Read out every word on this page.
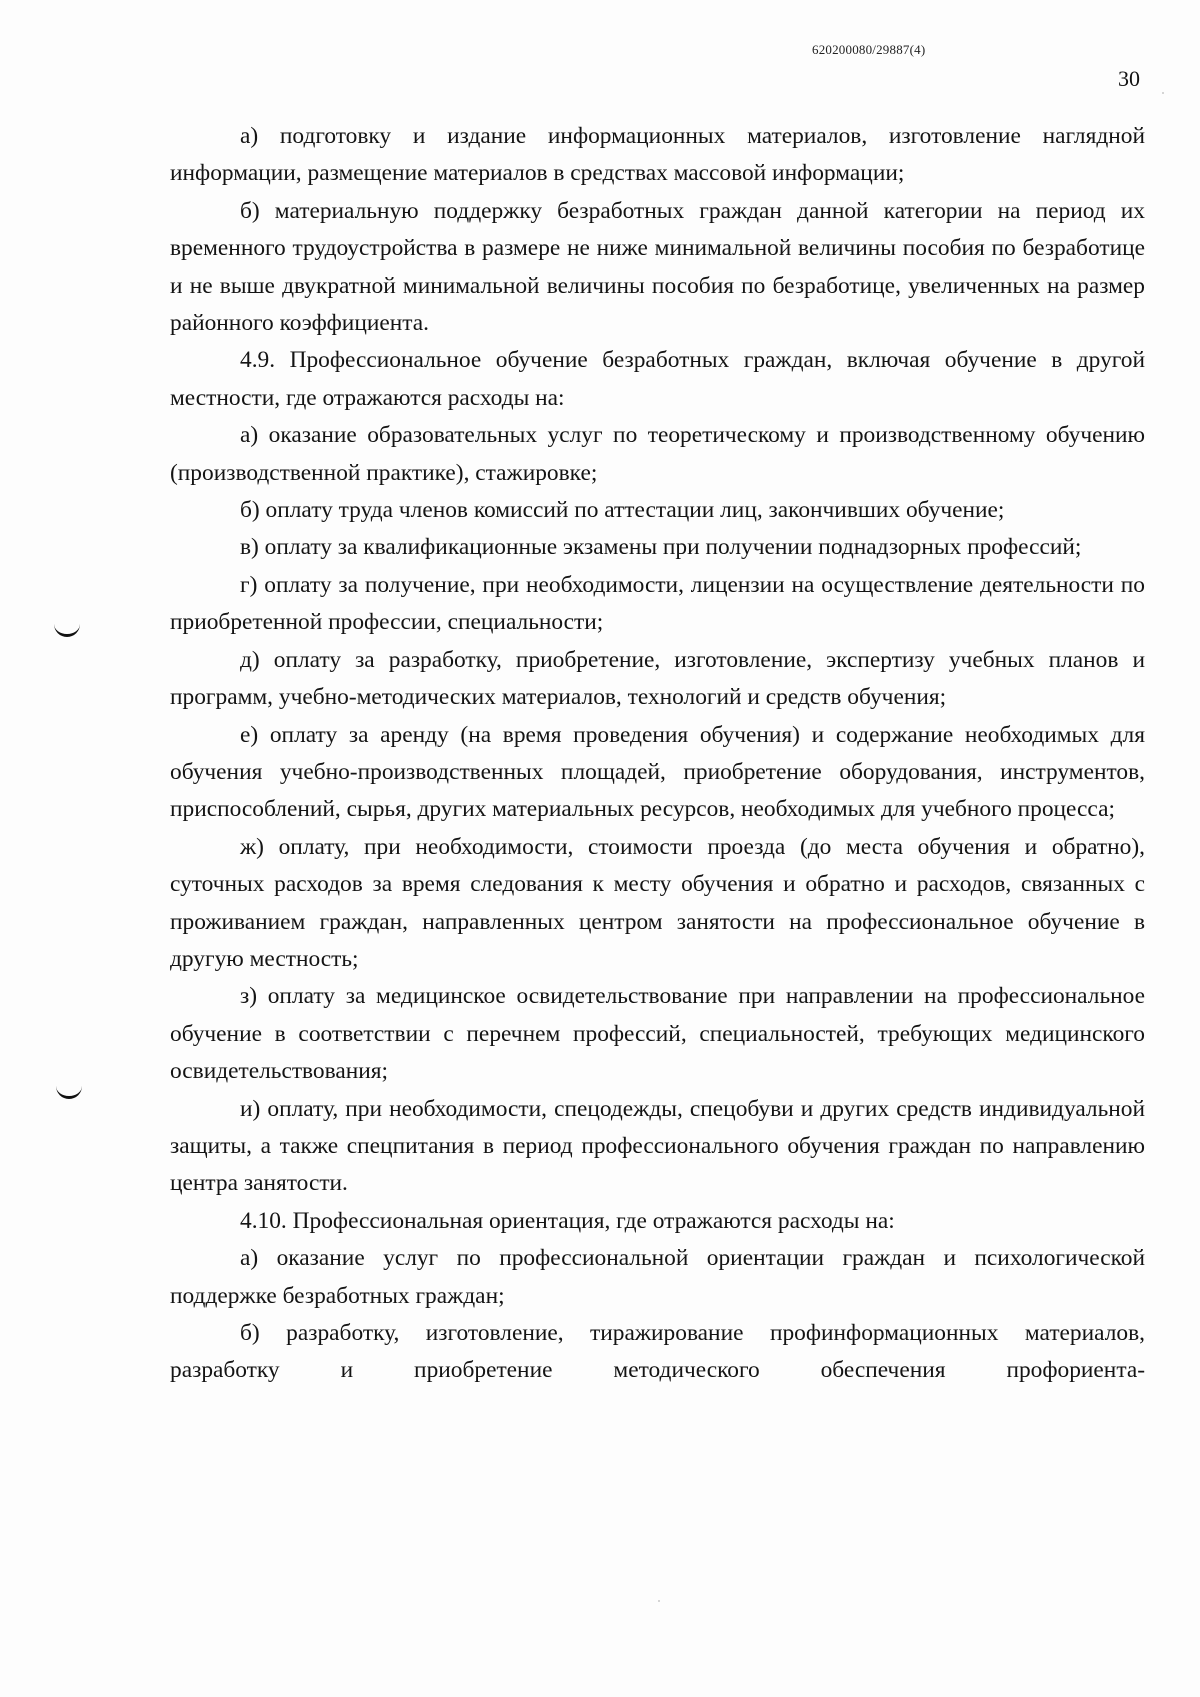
620200080/29887(4)
30

а) подготовку и издание информационных материалов, изготовление наглядной информации, размещение материалов в средствах массовой информации;

б) материальную поддержку безработных граждан данной категории на период их временного трудоустройства в размере не ниже минимальной величины пособия по безработице и не выше двукратной минимальной величины пособия по безработице, увеличенных на размер районного коэффициента.

4.9. Профессиональное обучение безработных граждан, включая обучение в другой местности, где отражаются расходы на:

а) оказание образовательных услуг по теоретическому и производственному обучению (производственной практике), стажировке;

б) оплату труда членов комиссий по аттестации лиц, закончивших обучение;

в) оплату за квалификационные экзамены при получении поднадзорных профессий;

г) оплату за получение, при необходимости, лицензии на осуществление деятельности по приобретенной профессии, специальности;

д) оплату за разработку, приобретение, изготовление, экспертизу учебных планов и программ, учебно-методических материалов, технологий и средств обучения;

е) оплату за аренду (на время проведения обучения) и содержание необходимых для обучения учебно-производственных площадей, приобретение оборудования, инструментов, приспособлений, сырья, других материальных ресурсов, необходимых для учебного процесса;

ж) оплату, при необходимости, стоимости проезда (до места обучения и обратно), суточных расходов за время следования к месту обучения и обратно и расходов, связанных с проживанием граждан, направленных центром занятости на профессиональное обучение в другую местность;

з) оплату за медицинское освидетельствование при направлении на профессиональное обучение в соответствии с перечнем профессий, специальностей, требующих медицинского освидетельствования;

и) оплату, при необходимости, спецодежды, спецобуви и других средств индивидуальной защиты, а также спецпитания в период профессионального обучения граждан по направлению центра занятости.

4.10. Профессиональная ориентация, где отражаются расходы на:

а) оказание услуг по профессиональной ориентации граждан и психологической поддержке безработных граждан;

б) разработку, изготовление, тиражирование профинформационных материалов, разработку и приобретение методического обеспечения профориента-
